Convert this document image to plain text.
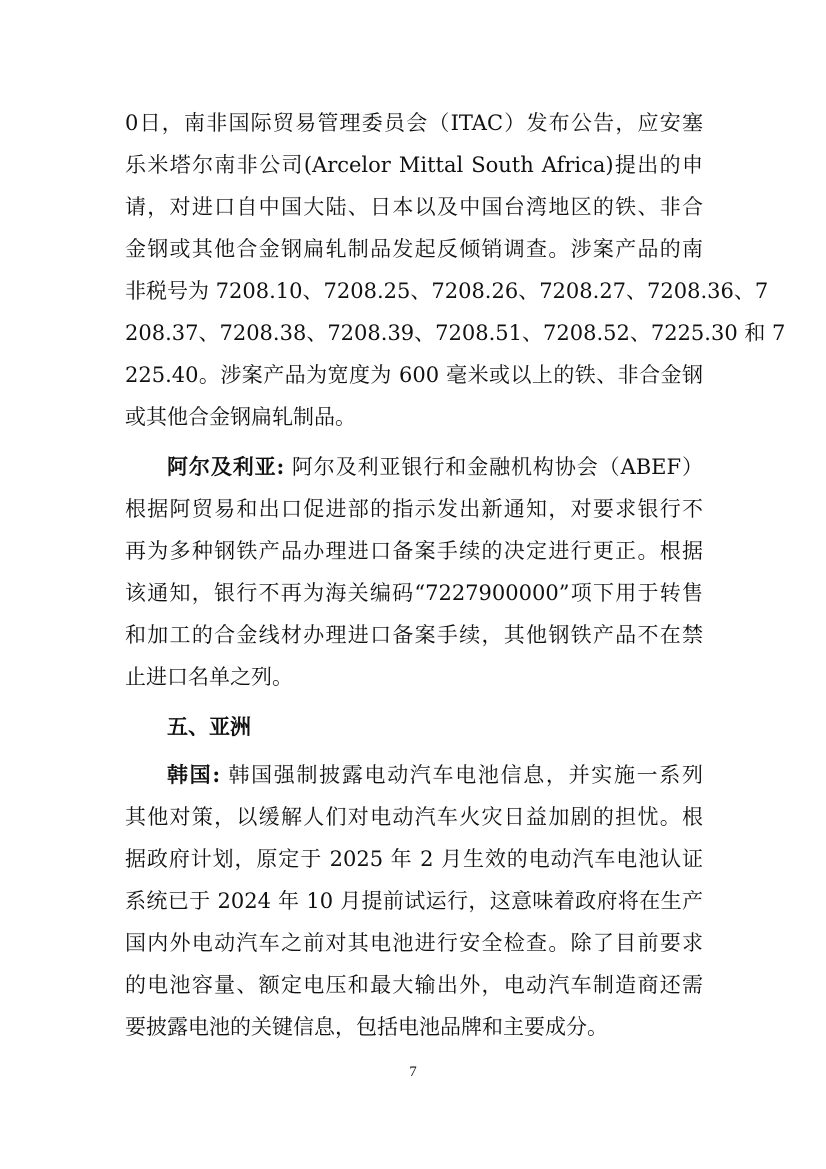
0日，南非国际贸易管理委员会（ITAC）发布公告，应安塞
乐米塔尔南非公司(Arcelor Mittal South Africa)提出的申
请，对进口自中国大陆、日本以及中国台湾地区的铁、非合
金钢或其他合金钢扁轧制品发起反倾销调查。涉案产品的南
非税号为 7208.10、7208.25、7208.26、7208.27、7208.36、7
208.37、7208.38、7208.39、7208.51、7208.52、7225.30 和 7
225.40。涉案产品为宽度为 600 毫米或以上的铁、非合金钢
或其他合金钢扁轧制品。
阿尔及利亚: 阿尔及利亚银行和金融机构协会（ABEF）
根据阿贸易和出口促进部的指示发出新通知，对要求银行不
再为多种钢铁产品办理进口备案手续的决定进行更正。根据
该通知，银行不再为海关编码“7227900000”项下用于转售
和加工的合金线材办理进口备案手续，其他钢铁产品不在禁
止进口名单之列。
五、亚洲
韩国: 韩国强制披露电动汽车电池信息，并实施一系列
其他对策，以缓解人们对电动汽车火灾日益加剧的担忧。根
据政府计划，原定于 2025 年 2 月生效的电动汽车电池认证
系统已于 2024 年 10 月提前试运行，这意味着政府将在生产
国内外电动汽车之前对其电池进行安全检查。除了目前要求
的电池容量、额定电压和最大输出外，电动汽车制造商还需
要披露电池的关键信息，包括电池品牌和主要成分。
7
